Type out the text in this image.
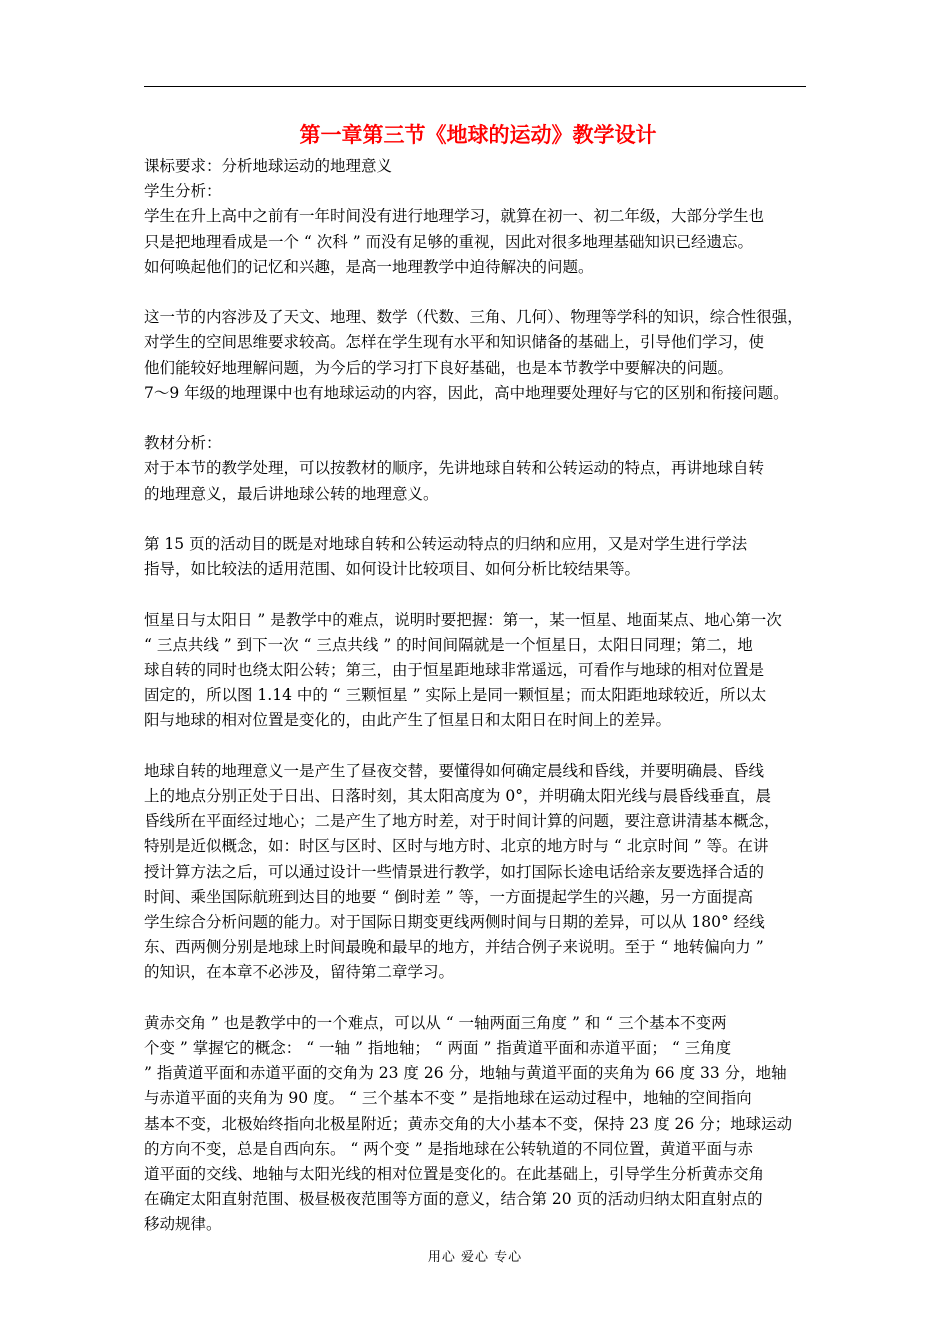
第一章第三节《地球的运动》教学设计
课标要求：分析地球运动的地理意义
学生分析：
学生在升上高中之前有一年时间没有进行地理学习，就算在初一、初二年级，大部分学生也
只是把地理看成是一个 “ 次科 ” 而没有足够的重视，因此对很多地理基础知识已经遗忘。
如何唤起他们的记忆和兴趣，是高一地理教学中迫待解决的问题。
这一节的内容涉及了天文、地理、数学（代数、三角、几何）、物理等学科的知识，综合性很强，
对学生的空间思维要求较高。怎样在学生现有水平和知识储备的基础上，引导他们学习，使
他们能较好地理解问题，为今后的学习打下良好基础，也是本节教学中要解决的问题。
7～9 年级的地理课中也有地球运动的内容，因此，高中地理要处理好与它的区别和衔接问题。
教材分析：
对于本节的教学处理，可以按教材的顺序，先讲地球自转和公转运动的特点，再讲地球自转
的地理意义，最后讲地球公转的地理意义。
第 15 页的活动目的既是对地球自转和公转运动特点的归纳和应用，又是对学生进行学法
指导，如比较法的适用范围、如何设计比较项目、如何分析比较结果等。
恒星日与太阳日 ” 是教学中的难点，说明时要把握：第一，某一恒星、地面某点、地心第一次
“ 三点共线 ” 到下一次 “ 三点共线 ” 的时间间隔就是一个恒星日，太阳日同理；第二，地
球自转的同时也绕太阳公转；第三，由于恒星距地球非常遥远，可看作与地球的相对位置是
固定的，所以图 1.14 中的 “ 三颗恒星 ” 实际上是同一颗恒星；而太阳距地球较近，所以太
阳与地球的相对位置是变化的，由此产生了恒星日和太阳日在时间上的差异。
地球自转的地理意义一是产生了昼夜交替，要懂得如何确定晨线和昏线，并要明确晨、昏线
上的地点分别正处于日出、日落时刻，其太阳高度为 0°，并明确太阳光线与晨昏线垂直，晨
昏线所在平面经过地心；二是产生了地方时差，对于时间计算的问题，要注意讲清基本概念，
特别是近似概念，如：时区与区时、区时与地方时、北京的地方时与 “ 北京时间 ” 等。在讲
授计算方法之后，可以通过设计一些情景进行教学，如打国际长途电话给亲友要选择合适的
时间、乘坐国际航班到达目的地要 “ 倒时差 ” 等，一方面提起学生的兴趣，另一方面提高
学生综合分析问题的能力。对于国际日期变更线两侧时间与日期的差异，可以从 180° 经线
东、西两侧分别是地球上时间最晚和最早的地方，并结合例子来说明。至于 “ 地转偏向力 ”
的知识，在本章不必涉及，留待第二章学习。
黄赤交角 ” 也是教学中的一个难点，可以从 “ 一轴两面三角度 ” 和 “ 三个基本不变两
个变 ” 掌握它的概念： “ 一轴 ” 指地轴； “ 两面 ” 指黄道平面和赤道平面； “ 三角度
” 指黄道平面和赤道平面的交角为 23 度 26 分，地轴与黄道平面的夹角为 66 度 33 分，地轴
与赤道平面的夹角为 90 度。 “ 三个基本不变 ” 是指地球在运动过程中，地轴的空间指向
基本不变，北极始终指向北极星附近；黄赤交角的大小基本不变，保持 23 度 26 分；地球运动
的方向不变，总是自西向东。 “ 两个变 ” 是指地球在公转轨道的不同位置，黄道平面与赤
道平面的交线、地轴与太阳光线的相对位置是变化的。在此基础上，引导学生分析黄赤交角
在确定太阳直射范围、极昼极夜范围等方面的意义，结合第 20 页的活动归纳太阳直射点的
移动规律。
用心 爱心 专心
